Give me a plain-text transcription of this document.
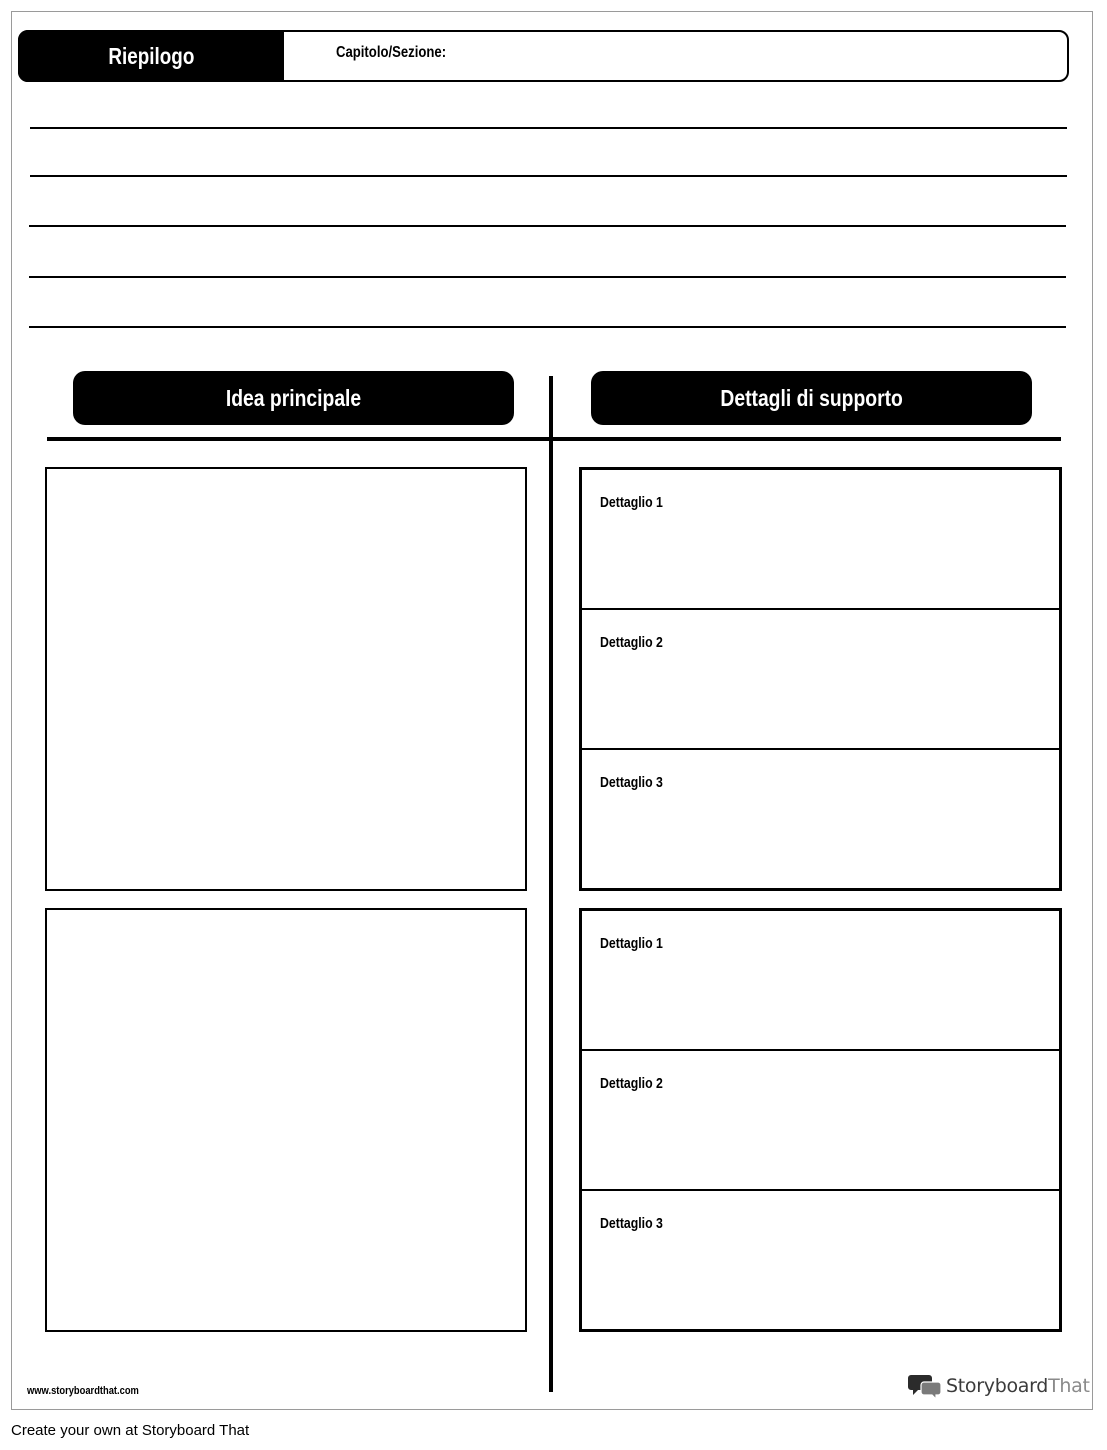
Riepilogo	Capitolo/Sezione:
Idea principale	Dettagli di supporto
Dettaglio 1
Dettaglio 2
Dettaglio 3
Dettaglio 1
Dettaglio 2
Dettaglio 3
www.storyboardthat.com	StoryboardThat
Create your own at Storyboard That
